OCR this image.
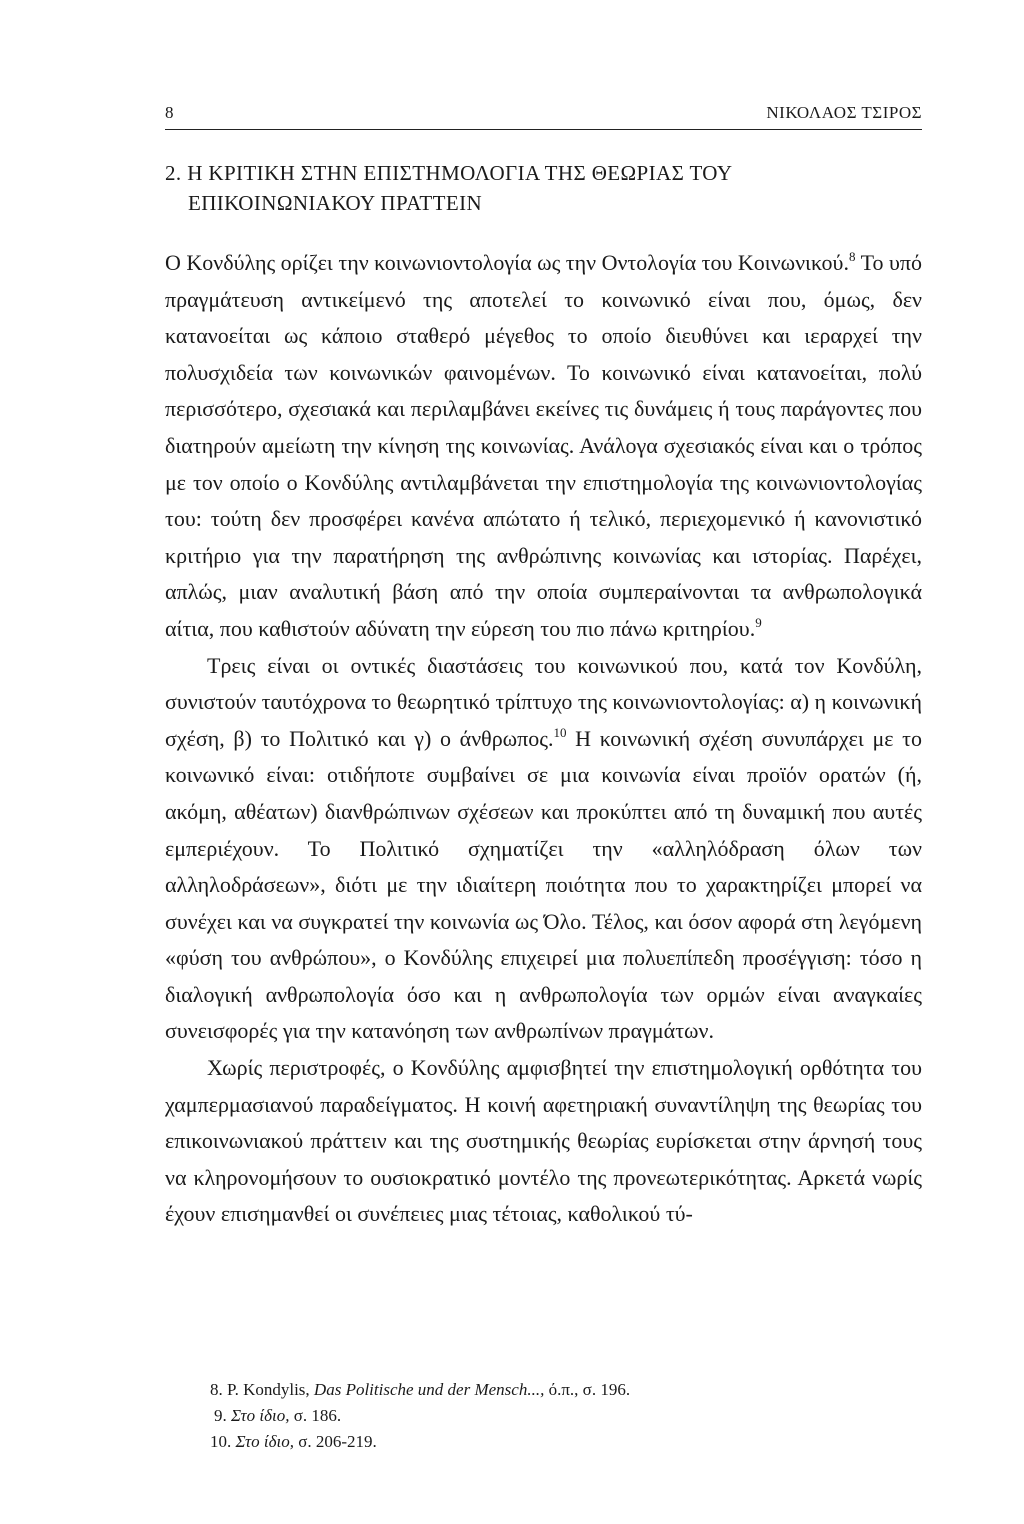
8	ΝΙΚΟΛΑΟΣ ΤΣΙΡΟΣ
2. Η ΚΡΙΤΙΚΗ ΣΤΗΝ ΕΠΙΣΤΗΜΟΛΟΓΙΑ ΤΗΣ ΘΕΩΡΙΑΣ ΤΟΥ
ΕΠΙΚΟΙΝΩΝΙΑΚΟΥ ΠΡΑΤΤΕΙΝ

Ο Κονδύλης ορίζει την κοινωνιοντολογία ως την Οντολογία του Κοινωνικού.$^8$ Το υπό πραγμάτευση αντικείμενό της αποτελεί το κοινωνικό είναι που, όμως, δεν κατανοείται ως κάποιο σταθερό μέγεθος το οποίο διευθύνει και ιεραρχεί την πολυσχιδεία των κοινωνικών φαινομένων. Το κοινωνικό είναι κατανοείται, πολύ περισσότερο, σχεσιακά και περιλαμβάνει εκείνες τις δυνάμεις ή τους παράγοντες που διατηρούν αμείωτη την κίνηση της κοινωνίας. Ανάλογα σχεσιακός είναι και ο τρόπος με τον οποίο ο Κονδύλης αντιλαμβάνεται την επιστημολογία της κοινωνιοντολογίας του: τούτη δεν προσφέρει κανένα απώτατο ή τελικό, περιεχομενικό ή κανονιστικό κριτήριο για την παρατήρηση της ανθρώπινης κοινωνίας και ιστορίας. Παρέχει, απλώς, μιαν αναλυτική βάση από την οποία συμπεραίνονται τα ανθρωπολογικά αίτια, που καθιστούν αδύνατη την εύρεση του πιο πάνω κριτηρίου.$^9$

Τρεις είναι οι οντικές διαστάσεις του κοινωνικού που, κατά τον Κονδύλη, συνιστούν ταυτόχρονα το θεωρητικό τρίπτυχο της κοινωνιοντολογίας: α) η κοινωνική σχέση, β) το Πολιτικό και γ) ο άνθρωπος.$^{10}$ Η κοινωνική σχέση συνυπάρχει με το κοινωνικό είναι: οτιδήποτε συμβαίνει σε μια κοινωνία είναι προϊόν ορατών (ή, ακόμη, αθέατων) διανθρώπινων σχέσεων και προκύπτει από τη δυναμική που αυτές εμπεριέχουν. Το Πολιτικό σχηματίζει την «αλληλόδραση όλων των αλληλοδράσεων», διότι με την ιδιαίτερη ποιότητα που το χαρακτηρίζει μπορεί να συνέχει και να συγκρατεί την κοινωνία ως Όλο. Τέλος, και όσον αφορά στη λεγόμενη «φύση του ανθρώπου», ο Κονδύλης επιχειρεί μια πολυεπίπεδη προσέγγιση: τόσο η διαλογική ανθρωπολογία όσο και η ανθρωπολογία των ορμών είναι αναγκαίες συνεισφορές για την κατανόηση των ανθρωπίνων πραγμάτων.

Χωρίς περιστροφές, ο Κονδύλης αμφισβητεί την επιστημολογική ορθότητα του χαμπερμασιανού παραδείγματος. Η κοινή αφετηριακή συναντίληψη της θεωρίας του επικοινωνιακού πράττειν και της συστημικής θεωρίας ευρίσκεται στην άρνησή τους να κληρονομήσουν το ουσιοκρατικό μοντέλο της προνεωτερικότητας. Αρκετά νωρίς έχουν επισημανθεί οι συνέπειες μιας τέτοιας, καθολικού τύ-

8. P. Kondylis, Das Politische und der Mensch..., ό.π., σ. 196.
9. Στο ίδιο, σ. 186.
10. Στο ίδιο, σ. 206-219.
